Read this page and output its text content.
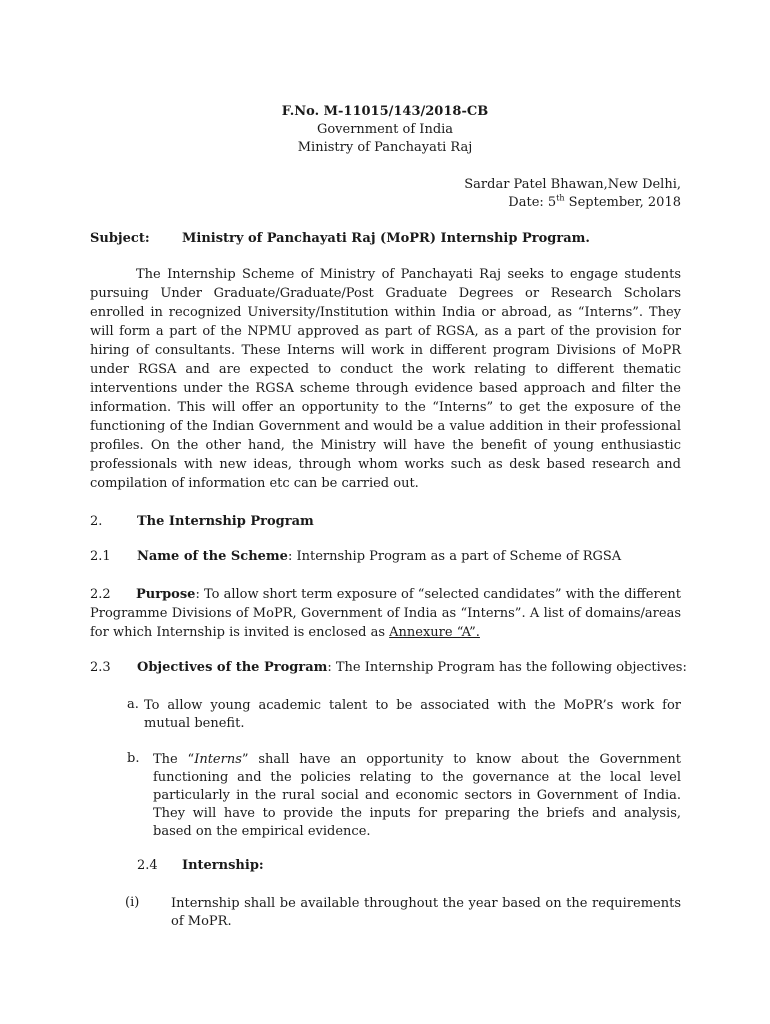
F.No. M-11015/143/2018-CB
Government of India
Ministry of Panchayati Raj
Sardar Patel Bhawan,New Delhi,
Date: 5th September, 2018
Subject: Ministry of Panchayati Raj (MoPR) Internship Program.
The Internship Scheme of Ministry of Panchayati Raj seeks to engage students pursuing Under Graduate/Graduate/Post Graduate Degrees or Research Scholars enrolled in recognized University/Institution within India or abroad, as “Interns”. They will form a part of the NPMU approved as part of RGSA, as a part of the provision for hiring of consultants. These Interns will work in different program Divisions of MoPR under RGSA and are expected to conduct the work relating to different thematic interventions under the RGSA scheme through evidence based approach and filter the information. This will offer an opportunity to the “Interns” to get the exposure of the functioning of the Indian Government and would be a value addition in their professional profiles. On the other hand, the Ministry will have the benefit of young enthusiastic professionals with new ideas, through whom works such as desk based research and compilation of information etc can be carried out.
2.	The Internship Program
2.1 Name of the Scheme: Internship Program as a part of Scheme of RGSA
2.2 Purpose: To allow short term exposure of “selected candidates” with the different Programme Divisions of MoPR, Government of India as “Interns”. A list of domains/areas for which Internship is invited is enclosed as Annexure “A”.
2.3 Objectives of the Program: The Internship Program has the following objectives:
a. To allow young academic talent to be associated with the MoPR’s work for mutual benefit.
b. The “Interns” shall have an opportunity to know about the Government functioning and the policies relating to the governance at the local level particularly in the rural social and economic sectors in Government of India. They will have to provide the inputs for preparing the briefs and analysis, based on the empirical evidence.
2.4 Internship:
(i) Internship shall be available throughout the year based on the requirements of MoPR.
